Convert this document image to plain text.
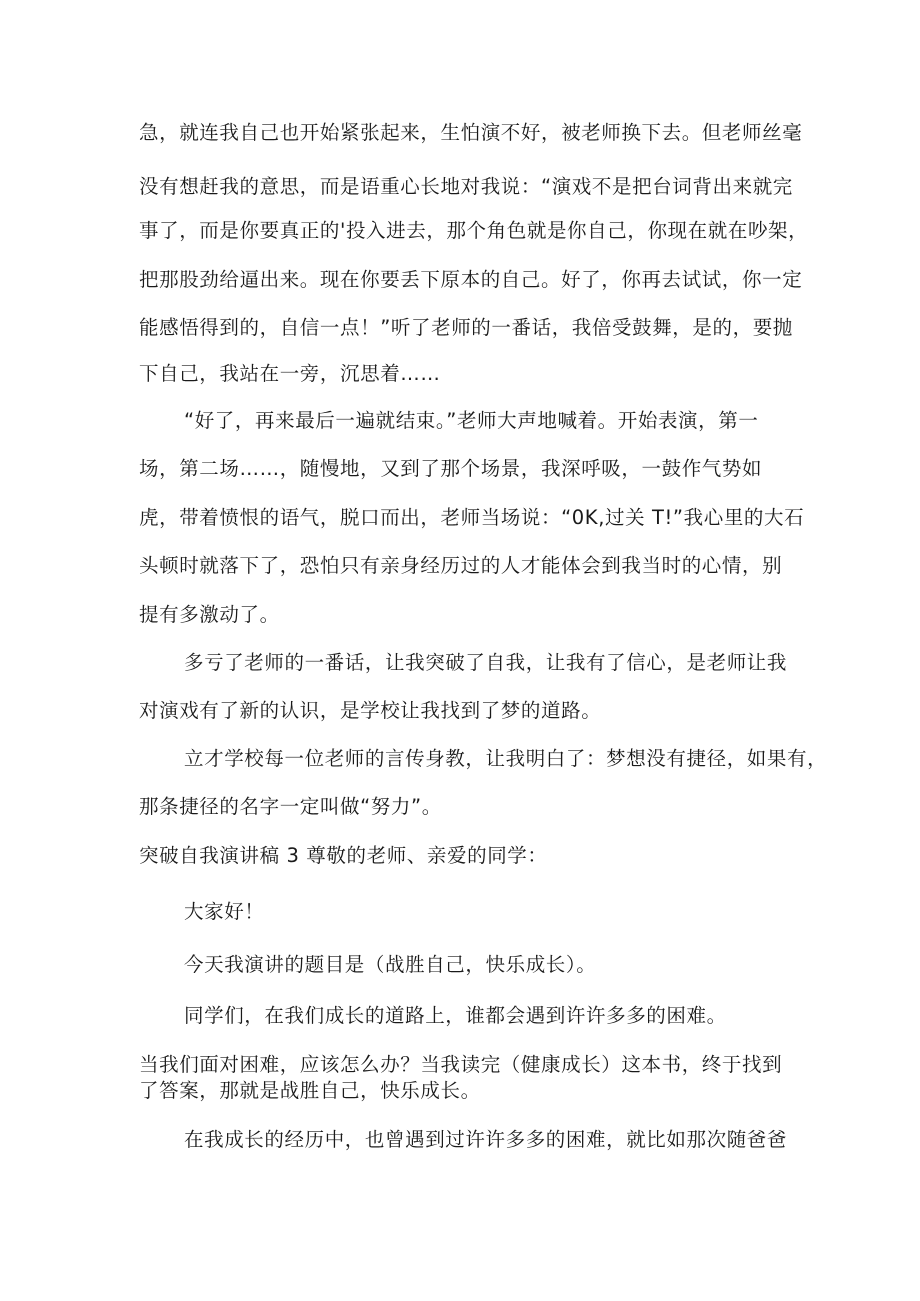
急，就连我自己也开始紧张起来，生怕演不好，被老师换下去。但老师丝毫
没有想赶我的意思，而是语重心长地对我说：“演戏不是把台词背出来就完
事了，而是你要真正的'投入进去，那个角色就是你自己，你现在就在吵架，
把那股劲给逼出来。现在你要丢下原本的自己。好了，你再去试试，你一定
能感悟得到的，自信一点！”听了老师的一番话，我倍受鼓舞，是的，要抛
下自己，我站在一旁，沉思着……
“好了，再来最后一遍就结束。”老师大声地喊着。开始表演，第一
场，第二场……，随慢地，又到了那个场景，我深呼吸，一鼓作气势如
虎，带着愤恨的语气，脱口而出，老师当场说：“0K,过关 T!”我心里的大石
头顿时就落下了，恐怕只有亲身经历过的人才能体会到我当时的心情，别
提有多激动了。
多亏了老师的一番话，让我突破了自我，让我有了信心，是老师让我
对演戏有了新的认识，是学校让我找到了梦的道路。
立才学校每一位老师的言传身教，让我明白了：梦想没有捷径，如果有，
那条捷径的名字一定叫做“努力”。
突破自我演讲稿 3 尊敬的老师、亲爱的同学：
大家好！
今天我演讲的题目是（战胜自己，快乐成长）。
同学们，在我们成长的道路上，谁都会遇到许许多多的困难。
当我们面对困难，应该怎么办？当我读完（健康成长）这本书，终于找到
了答案，那就是战胜自己，快乐成长。
在我成长的经历中，也曾遇到过许许多多的困难，就比如那次随爸爸
